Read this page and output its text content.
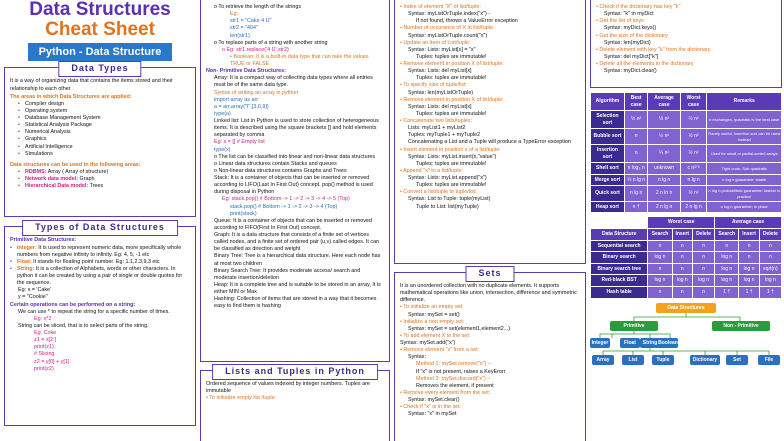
Data Structures
Cheat Sheet
Python - Data Structure
Data Types
It is a way of organizing data that contains the items stored and their relationship to each other
The areas in which Data Structures are applied:
• Compiler design
• Operating system
• Database Management System
• Statistical Analysis Package
• Numerical Analysis
• Graphics
• Artificial Intelligence
• Simulations
Data structures can be used in the following areas:
• RDBMS: Array ( Array of structure)
• Network data model: Graph
• Hierarchical Data model: Trees
Types of Data Structures
Primitive Data Structures:
• Integer: It is used to represent numeric data, more specifically whole numbers from negative infinity to infinity. Eg: 4, 5, -1 etc
• Float: It stands for floating point number. Eg: 1.1,2.3,9.3 etc
• String: It is a collection of Alphabets, words or other characters. In python it can be created by using a pair of single or double quotes for the sequence.
Eg: x = 'Cake'
y = ''Cookie''
Certain operations can be performed on a string:
We can use * to repeat the string for a specific number of times.
Eg: x*2
String can be sliced, that is to select parts of the string.
Eg: Coke
z1 = x[2:]
print(z1)
# Slicing
z2 = y[0] + y[1]
print(z2)
o To retrieve the length of the strings
Eg:
str1 = "Cake 4 U"
str2 = "404"
len(str1)
o To replace parts of a string with another string
o Eg: str1.replace('4 U',str2)
• Boolean: It is a built-in data type that can take the values TRUE or FALSE
Non- Primitive Data Structures:
Array: It is a compact way of collecting data types where all entries must be of the same data type.
Syntax of writing an array in python:
import array as arr
a = arr.array("I",[3,6,9])
type(a)
Linked list: List in Python is used to store collection of heterogeneous items. It is described using the square brackets [] and hold elements separated by comma
Eg: x = [] # Empty list
type(x)
o The list can be classified into linear and non-linear data structures
o Linear data structures contain Stacks and queues
o Non-linear data structures contains Graphs and Trees
Stack: It is a container of objects that can be inserted or removed according to LIFO(Last In First Out) concept. pop() method is used during disposal in Python
Eg: stack.pop() # Bottom -> 1 -> 2 -> 3 -> 4 -> 5 (Top)
stack.pop() # Bottom -> 1 -> 2 -> 3 -> 4 (Top)
print(stack)
Queue: It is a container of objects that can be inserted or removed according to FIFO(First In First Out) concept.
Graph: It is a data structure that consists of a finite set of vertices called nodes, and a finite set of ordered pair (u,v) called edges. It can be classified as direction and weight
Binary Tree: Tree is a hierarchical data structure. Here each node has at most two children
Binary Search Tree: It provides moderate access/ search and moderate insertion/deletion
Heap: It is a complete tree and is suitable to be stored in an array, It is either MIN or Max
Hashing: Collection of items that are stored in a way that it becomes easy to find them is hashing
Lists and Tuples in Python
Ordered sequence of values indexed by integer numbers. Tuples are immutable
• To initialize empty list /tuple:
• Index of element "X" of list/tuple:
Syntax: myListOrTuple.index("x") -
If not found, throws a ValueError exception
• Number of occurance of X in list/tuple:
Syntax: myListOrTuple.count("x")
• Update an item of List/tuple:
Syntax: Lists: myList[x] = "x"
Tuples: tuples are immutable!
• Remove element in position X of list/tuple:
Syntax: Lists: del myList[x]
Tuples: tuples are immutable!
• To specify size of tuple/list:
Syntax: len(myListOrTuple)
• Remove element in position X of list/tuple:
Syntax: Lists: del myList[x]
Tuples: tuples are immutable!
• Concatenate two lists/tuples:
Lists: myList1 + myList2
Tuples: myTuple1 + myTuple2
Concatenating a List and a Tuple will produce a TypeError exception
• Insert element in position x of a list/tuple:
Syntax: Lists: myList.insert(x,"value")
Tuples: tuples are immutable!
• Append "x" to a list/tuple:
Syntax: Lists: myList.append("x")
Tuples: tuples are immutable!
• Convert a list/tuple to tuple/list:
Syntax: List to Tuple: tuple(myList)
Tuple to List: list(myTuple)
Sets
It is an unordered collection with no duplicate elements. It supports mathematical operations like union, intersection, difference and symmetric difference.
• To initialize an empty set:
Syntax: mySet = set()
• Initialize a non empty set:
Syntax: mySet = set(element1,element2...)
• To add element X to the set:
Syntax: mySet.add("x")
• Remove element "x" from a set:
Syntax:
Method 1: mySet.remove("x") --
If "x" is not present, raises a KeyErorr
Method 2: mySet.discard("x") --
Removes the element, if present
• Remove every element from the set:
Syntax: mySet.clear()
• Check if "x" is in the set:
Syntax: "x" in mySet
• Check if the dictionary has key "k"
Syntax: "k" in myDict
• Get the list of keys
Syntax: myDict.keys()
• Get the size of the dictionary
Syntax: len(myDict)
• Delete element with key "k" from the dictionary
Syntax: del myDict["k"]
• Delete all the elements in the dictionary
Syntax: myDict.clear()
Algorithm	Best case	Average case	Worst case	Remarks
Selection sort	½ n²	½ n²	½ n²	n exchanges, quadratic is the best case
Bubble sort	n	½ n²	½ n²	Rarely useful, Insertion sort can be used instead
Insertion sort	n	¼ n²	½ n²	Used for small or partial-sorted arrays
Shell sort	n log₃ n	unknown	c n³ᐟ²	Tight code, Sub quadratic
Merge sort	½ n lg n	n lg n	n lg n	n log n guarantee; stable
Quick sort	n lg n	2 n ln n	½ n²	n log n probabilistic guarantee; fastest in practice
Heap sort	n †	2 n lg n	2 n lg n	n log n guarantee; in place
	Worst case			Average case		
Data Structure	Search	Insert	Delete	Search	Insert	Delete
Sequential search	n	n	n	n	n	n
Binary search	log n	n	n	log n	n	n
Binary search tree	n	n	n	log n	log n	sqrt(n)
Red-black BST	log n	log n	log n	log n	log n	log n
Hash table	n	n	n	1 †	1 †	1 †
Data Structures
Primitive	Non - Primitive
Integer	Float	String Boolean
Array	List	Tuple	Dictionary	Set	File
